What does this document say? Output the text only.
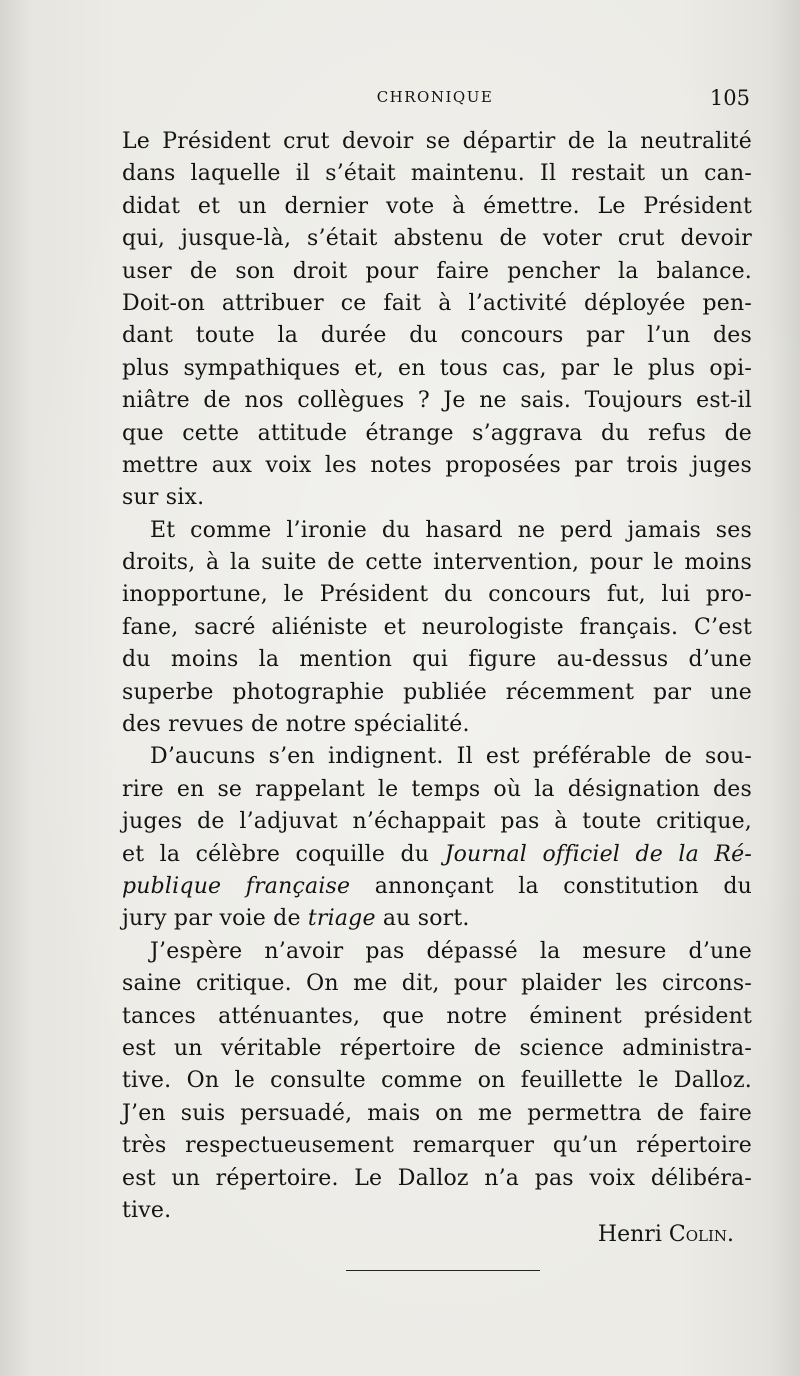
CHRONIQUE	105
Le Président crut devoir se départir de la neutralité
dans laquelle il s’était maintenu. Il restait un can-
didat et un dernier vote à émettre. Le Président
qui, jusque-là, s’était abstenu de voter crut devoir
user de son droit pour faire pencher la balance.
Doit-on attribuer ce fait à l’activité déployée pen-
dant toute la durée du concours par l’un des
plus sympathiques et, en tous cas, par le plus opi-
niâtre de nos collègues ? Je ne sais. Toujours est-il
que cette attitude étrange s’aggrava du refus de
mettre aux voix les notes proposées par trois juges
sur six.
Et comme l’ironie du hasard ne perd jamais ses
droits, à la suite de cette intervention, pour le moins
inopportune, le Président du concours fut, lui pro-
fane, sacré aliéniste et neurologiste français. C’est
du moins la mention qui figure au-dessus d’une
superbe photographie publiée récemment par une
des revues de notre spécialité.
D’aucuns s’en indignent. Il est préférable de sou-
rire en se rappelant le temps où la désignation des
juges de l’adjuvat n’échappait pas à toute critique,
et la célèbre coquille du Journal officiel de la Ré-
publique française annonçant la constitution du
jury par voie de triage au sort.
J’espère n’avoir pas dépassé la mesure d’une
saine critique. On me dit, pour plaider les circons-
tances atténuantes, que notre éminent président
est un véritable répertoire de science administra-
tive. On le consulte comme on feuillette le Dalloz.
J’en suis persuadé, mais on me permettra de faire
très respectueusement remarquer qu’un répertoire
est un répertoire. Le Dalloz n’a pas voix délibéra-
tive.
Henri Colin.
